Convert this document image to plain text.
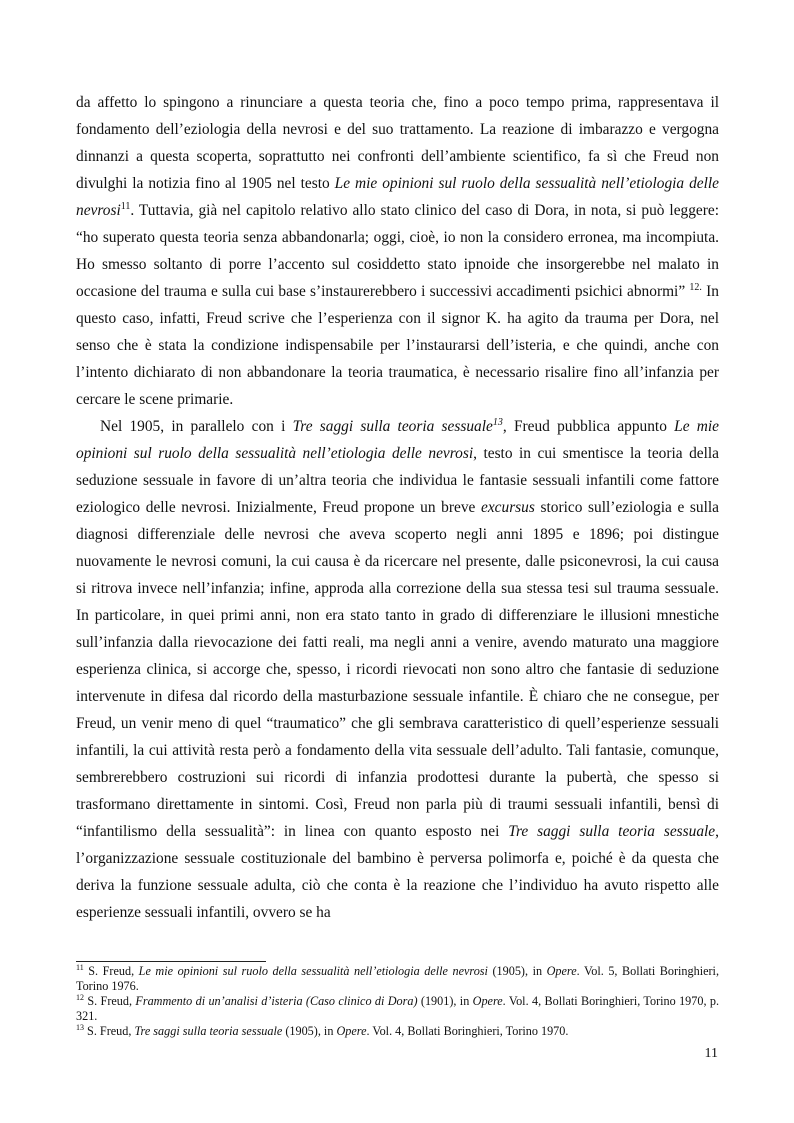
da affetto lo spingono a rinunciare a questa teoria che, fino a poco tempo prima, rappresentava il fondamento dell’eziologia della nevrosi e del suo trattamento. La reazione di imbarazzo e vergogna dinnanzi a questa scoperta, soprattutto nei confronti dell’ambiente scientifico, fa sì che Freud non divulghi la notizia fino al 1905 nel testo Le mie opinioni sul ruolo della sessualità nell’etiologia delle nevrosi$^{11}$. Tuttavia, già nel capitolo relativo allo stato clinico del caso di Dora, in nota, si può leggere: “ho superato questa teoria senza abbandonarla; oggi, cioè, io non la considero erronea, ma incompiuta. Ho smesso soltanto di porre l’accento sul cosiddetto stato ipnoide che insorgerebbe nel malato in occasione del trauma e sulla cui base s’instaurerebbero i successivi accadimenti psichici abnormi” $^{12.}$ In questo caso, infatti, Freud scrive che l’esperienza con il signor K. ha agito da trauma per Dora, nel senso che è stata la condizione indispensabile per l’instaurarsi dell’isteria, e che quindi, anche con l’intento dichiarato di non abbandonare la teoria traumatica, è necessario risalire fino all’infanzia per cercare le scene primarie.

Nel 1905, in parallelo con i Tre saggi sulla teoria sessuale$^{13}$, Freud pubblica appunto Le mie opinioni sul ruolo della sessualità nell’etiologia delle nevrosi, testo in cui smentisce la teoria della seduzione sessuale in favore di un’altra teoria che individua le fantasie sessuali infantili come fattore eziologico delle nevrosi. Inizialmente, Freud propone un breve excursus storico sull’eziologia e sulla diagnosi differenziale delle nevrosi che aveva scoperto negli anni 1895 e 1896; poi distingue nuovamente le nevrosi comuni, la cui causa è da ricercare nel presente, dalle psiconevrosi, la cui causa si ritrova invece nell’infanzia; infine, approda alla correzione della sua stessa tesi sul trauma sessuale. In particolare, in quei primi anni, non era stato tanto in grado di differenziare le illusioni mnestiche sull’infanzia dalla rievocazione dei fatti reali, ma negli anni a venire, avendo maturato una maggiore esperienza clinica, si accorge che, spesso, i ricordi rievocati non sono altro che fantasie di seduzione intervenute in difesa dal ricordo della masturbazione sessuale infantile. È chiaro che ne consegue, per Freud, un venir meno di quel “traumatico” che gli sembrava caratteristico di quell’esperienze sessuali infantili, la cui attività resta però a fondamento della vita sessuale dell’adulto. Tali fantasie, comunque, sembrerebbero costruzioni sui ricordi di infanzia prodottesi durante la pubertà, che spesso si trasformano direttamente in sintomi. Così, Freud non parla più di traumi sessuali infantili, bensì di “infantilismo della sessualità”: in linea con quanto esposto nei Tre saggi sulla teoria sessuale, l’organizzazione sessuale costituzionale del bambino è perversa polimorfa e, poiché è da questa che deriva la funzione sessuale adulta, ciò che conta è la reazione che l’individuo ha avuto rispetto alle esperienze sessuali infantili, ovvero se ha

$^{11}$ S. Freud, Le mie opinioni sul ruolo della sessualità nell’etiologia delle nevrosi (1905), in Opere. Vol. 5, Bollati Boringhieri, Torino 1976.

$^{12}$ S. Freud, Frammento di un’analisi d’isteria (Caso clinico di Dora) (1901), in Opere. Vol. 4, Bollati Boringhieri, Torino 1970, p. 321.

$^{13}$ S. Freud, Tre saggi sulla teoria sessuale (1905), in Opere. Vol. 4, Bollati Boringhieri, Torino 1970.

11
